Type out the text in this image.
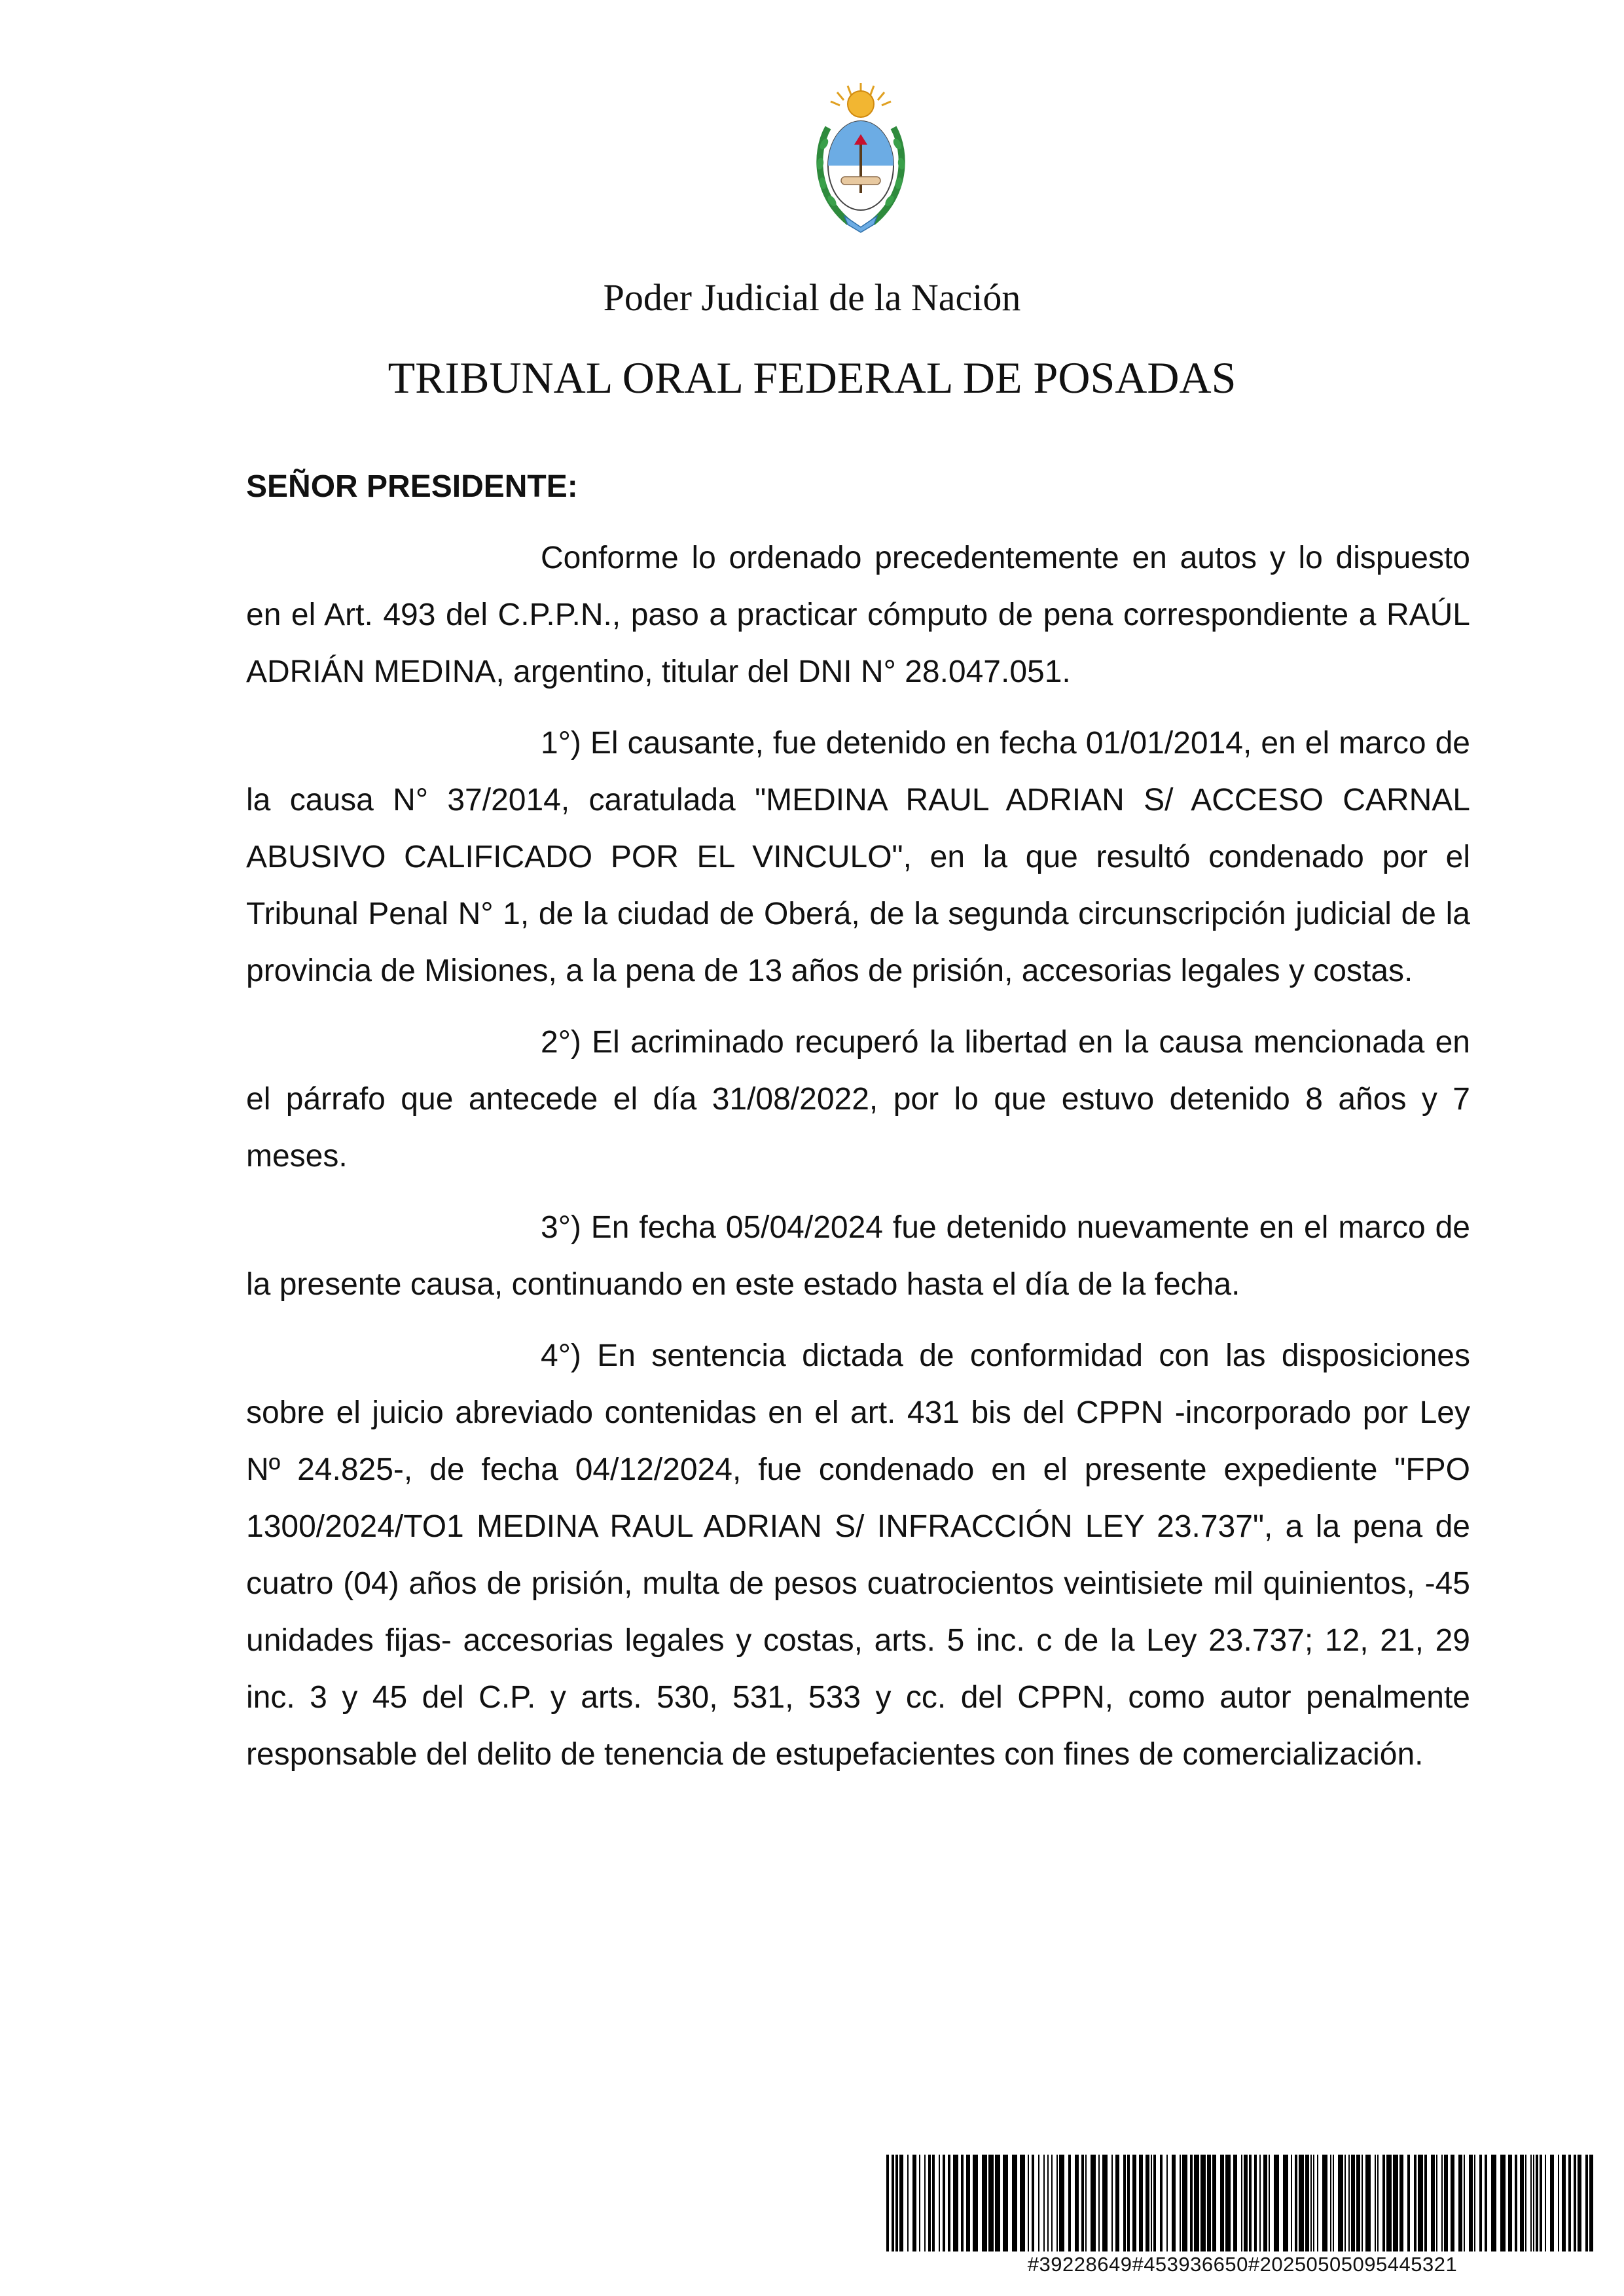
Poder Judicial de la Nación
TRIBUNAL ORAL FEDERAL DE POSADAS

SEÑOR PRESIDENTE:

Conforme lo ordenado precedentemente en autos y lo dispuesto en el Art. 493 del C.P.P.N., paso a practicar cómputo de pena correspondiente a RAÚL ADRIÁN MEDINA, argentino, titular del DNI N° 28.047.051.

1°) El causante, fue detenido en fecha 01/01/2014, en el marco de la causa N° 37/2014, caratulada "MEDINA RAUL ADRIAN S/ ACCESO CARNAL ABUSIVO CALIFICADO POR EL VINCULO", en la que resultó condenado por el Tribunal Penal N° 1, de la ciudad de Oberá, de la segunda circunscripción judicial de la provincia de Misiones, a la pena de 13 años de prisión, accesorias legales y costas.

2°) El acriminado recuperó la libertad en la causa mencionada en el párrafo que antecede el día 31/08/2022, por lo que estuvo detenido 8 años y 7 meses.

3°) En fecha 05/04/2024 fue detenido nuevamente en el marco de la presente causa, continuando en este estado hasta el día de la fecha.

4°) En sentencia dictada de conformidad con las disposiciones sobre el juicio abreviado contenidas en el art. 431 bis del CPPN -incorporado por Ley Nº 24.825-, de fecha 04/12/2024, fue condenado en el presente expediente "FPO 1300/2024/TO1 MEDINA RAUL ADRIAN S/ INFRACCIÓN LEY 23.737", a la pena de cuatro (04) años de prisión, multa de pesos cuatrocientos veintisiete mil quinientos, -45 unidades fijas- accesorias legales y costas, arts. 5 inc. c de la Ley 23.737; 12, 21, 29 inc. 3 y 45 del C.P. y arts. 530, 531, 533 y cc. del CPPN, como autor penalmente responsable del delito de tenencia de estupefacientes con fines de comercialización.

#39228649#453936650#20250505095445321
